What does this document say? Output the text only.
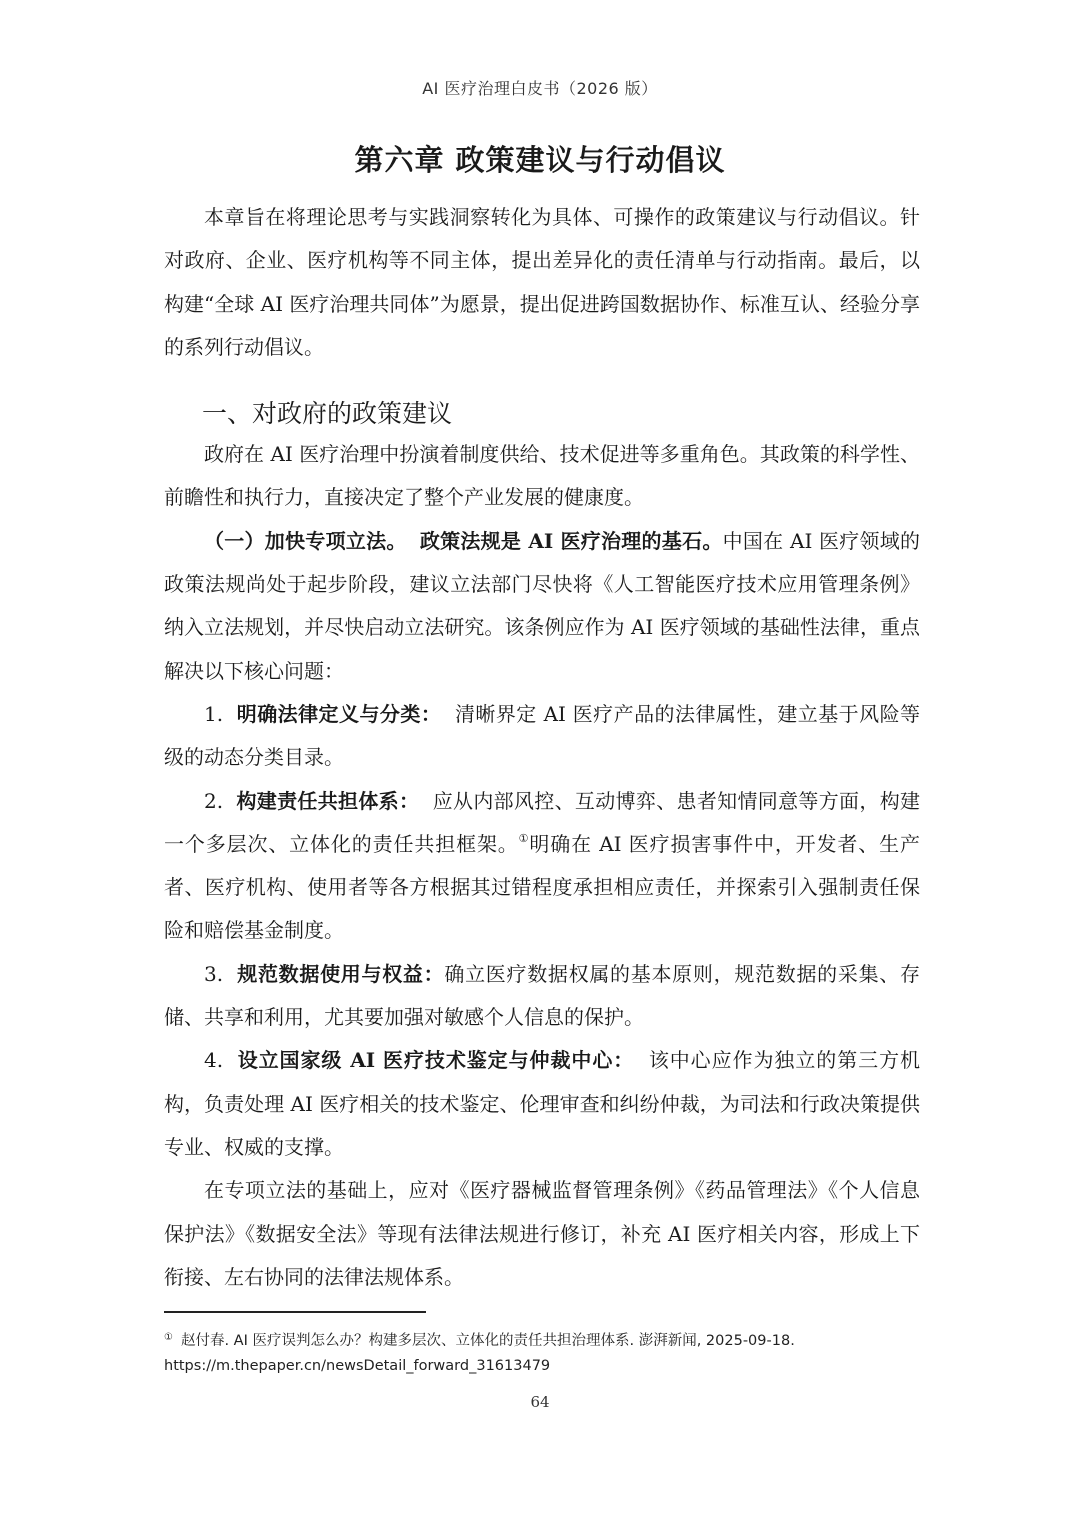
AI 医疗治理白皮书（2026 版）
第六章 政策建议与行动倡议

本章旨在将理论思考与实践洞察转化为具体、可操作的政策建议与行动倡议。针对政府、企业、医疗机构等不同主体，提出差异化的责任清单与行动指南。最后，以构建“全球 AI 医疗治理共同体”为愿景，提出促进跨国数据协作、标准互认、经验分享的系列行动倡议。

一、对政府的政策建议

政府在 AI 医疗治理中扮演着制度供给、技术促进等多重角色。其政策的科学性、前瞻性和执行力，直接决定了整个产业发展的健康度。

（一）加快专项立法。 政策法规是 AI 医疗治理的基石。中国在 AI 医疗领域的政策法规尚处于起步阶段，建议立法部门尽快将《人工智能医疗技术应用管理条例》纳入立法规划，并尽快启动立法研究。该条例应作为 AI 医疗领域的基础性法律，重点解决以下核心问题：

1. 明确法律定义与分类： 清晰界定 AI 医疗产品的法律属性，建立基于风险等级的动态分类目录。

2. 构建责任共担体系： 应从内部风控、互动博弈、患者知情同意等方面，构建一个多层次、立体化的责任共担框架。①明确在 AI 医疗损害事件中，开发者、生产者、医疗机构、使用者等各方根据其过错程度承担相应责任，并探索引入强制责任保险和赔偿基金制度。

3. 规范数据使用与权益：确立医疗数据权属的基本原则，规范数据的采集、存储、共享和利用，尤其要加强对敏感个人信息的保护。

4. 设立国家级 AI 医疗技术鉴定与仲裁中心： 该中心应作为独立的第三方机构，负责处理 AI 医疗相关的技术鉴定、伦理审查和纠纷仲裁，为司法和行政决策提供专业、权威的支撑。

在专项立法的基础上，应对《医疗器械监督管理条例》《药品管理法》《个人信息保护法》《数据安全法》等现有法律法规进行修订，补充 AI 医疗相关内容，形成上下衔接、左右协同的法律法规体系。

① 赵付春. AI 医疗误判怎么办？构建多层次、立体化的责任共担治理体系. 澎湃新闻, 2025-09-18.
https://m.thepaper.cn/newsDetail_forward_31613479
64
